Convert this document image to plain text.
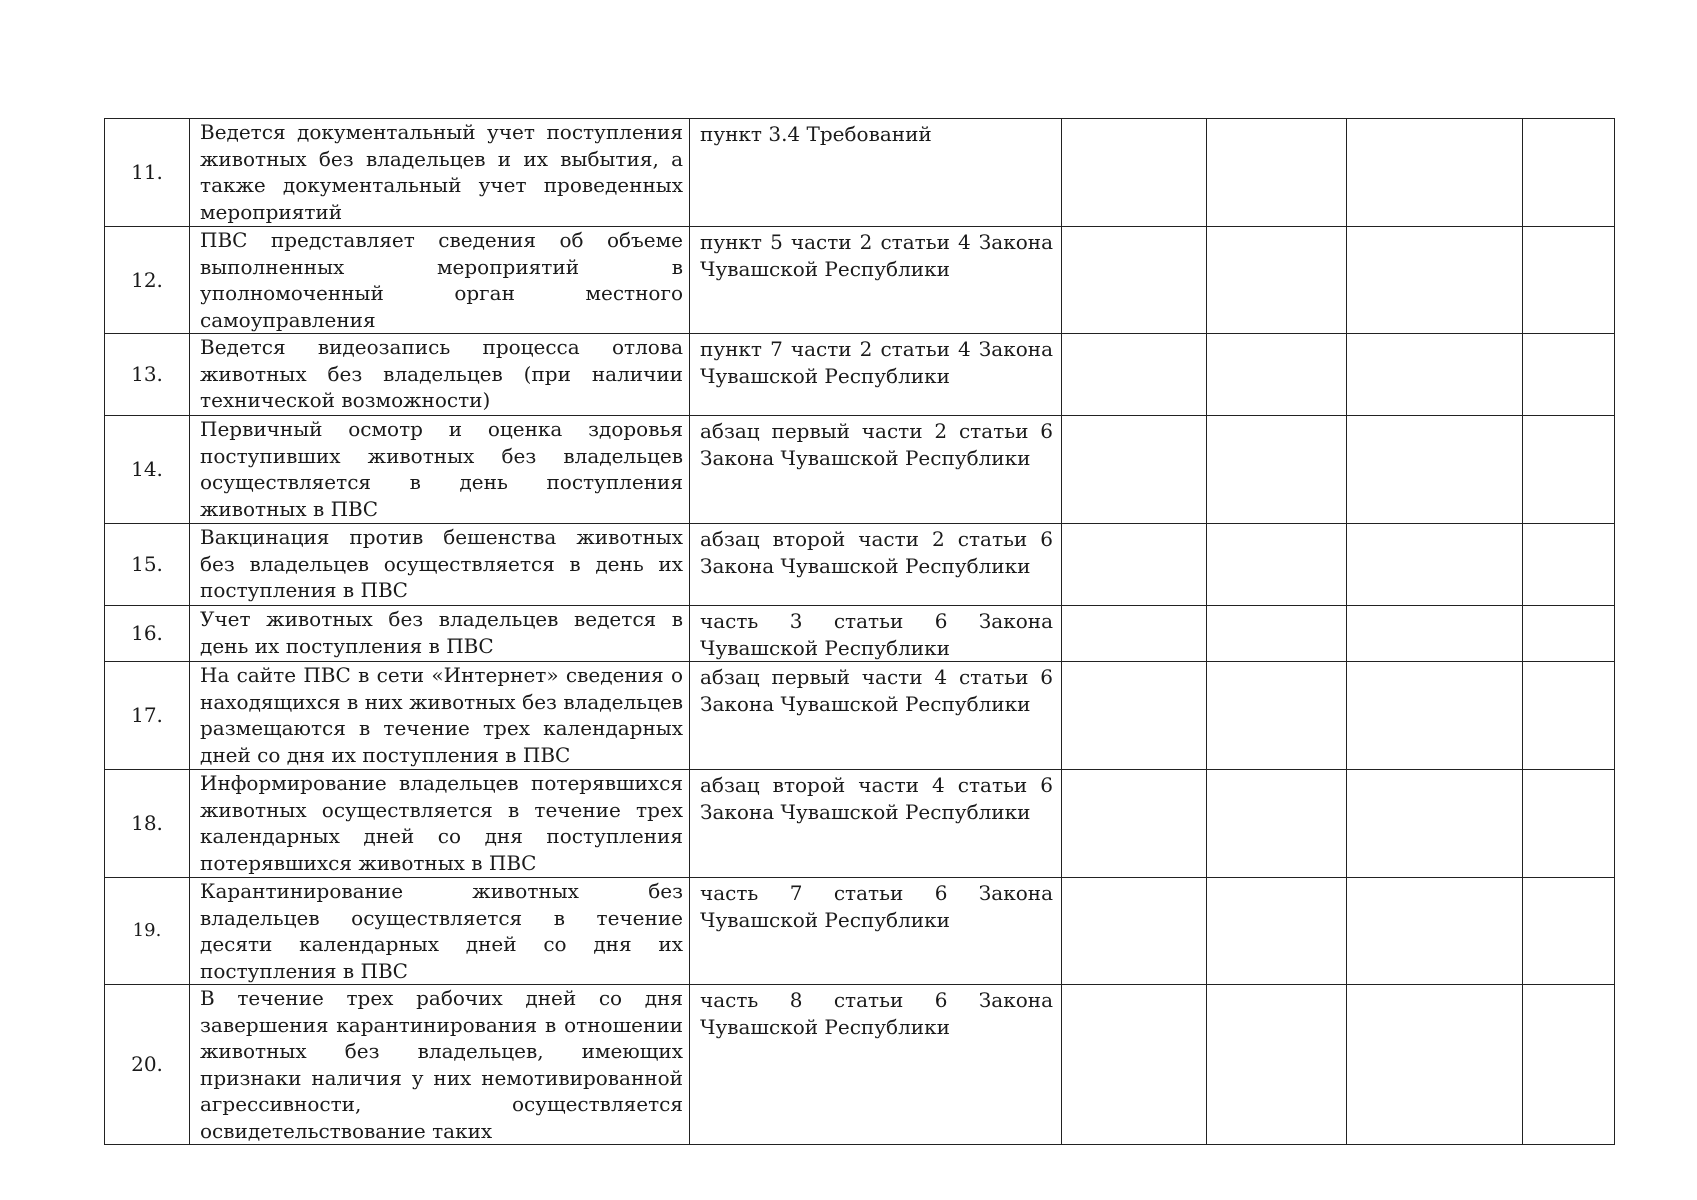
11.	Ведется документальный учет поступления животных без владельцев и их выбытия, а также документальный учет проведенных мероприятий	пункт 3.4 Требований				
12.	ПВС представляет сведения об объеме выполненных мероприятий в уполномоченный орган местного самоуправления	пункт 5 части 2 статьи 4 Закона Чувашской Республики				
13.	Ведется видеозапись процесса отлова животных без владельцев (при наличии технической возможности)	пункт 7 части 2 статьи 4 Закона Чувашской Республики				
14.	Первичный осмотр и оценка здоровья поступивших животных без владельцев осуществляется в день поступления животных в ПВС	абзац первый части 2 статьи 6 Закона Чувашской Республики				
15.	Вакцинация против бешенства животных без владельцев осуществляется в день их поступления в ПВС	абзац второй части 2 статьи 6 Закона Чувашской Республики				
16.	Учет животных без владельцев ведется в день их поступления в ПВС	часть 3 статьи 6 Закона Чувашской Республики				
17.	На сайте ПВС в сети «Интернет» сведения о находящихся в них животных без владельцев размещаются в течение трех календарных дней со дня их поступления в ПВС	абзац первый части 4 статьи 6 Закона Чувашской Республики				
18.	Информирование владельцев потерявшихся животных осуществляется в течение трех календарных дней со дня поступления потерявшихся животных в ПВС	абзац второй части 4 статьи 6 Закона Чувашской Республики				
19.	Карантинирование животных без владельцев осуществляется в течение десяти календарных дней со дня их поступления в ПВС	часть 7 статьи 6 Закона Чувашской Республики				
20.	В течение трех рабочих дней со дня завершения карантинирования в отношении животных без владельцев, имеющих признаки наличия у них немотивированной агрессивности, осуществляется освидетельствование таких	часть 8 статьи 6 Закона Чувашской Республики				
